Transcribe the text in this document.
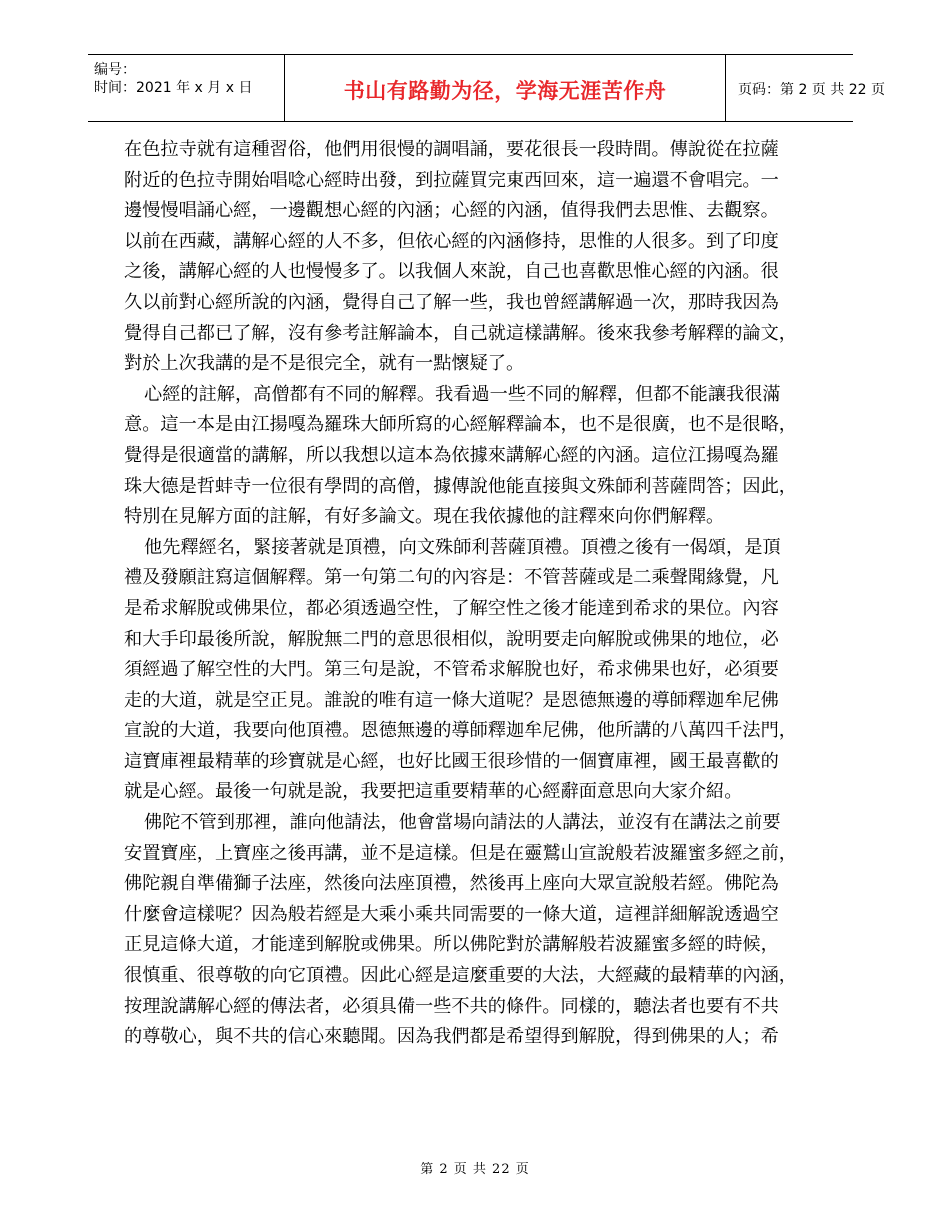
编号：
时间：2021 年 x 月 x 日	书山有路勤为径，学海无涯苦作舟	页码：第 2 页 共 22 页
在色拉寺就有這種習俗，他們用很慢的調唱誦，要花很長一段時間。傳說從在拉薩
附近的色拉寺開始唱唸心經時出發，到拉薩買完東西回來，這一遍還不會唱完。一
邊慢慢唱誦心經，一邊觀想心經的內涵；心經的內涵，值得我們去思惟、去觀察。
以前在西藏，講解心經的人不多，但依心經的內涵修持，思惟的人很多。到了印度
之後，講解心經的人也慢慢多了。以我個人來說，自己也喜歡思惟心經的內涵。很
久以前對心經所說的內涵，覺得自己了解一些，我也曾經講解過一次，那時我因為
覺得自己都已了解，沒有參考註解論本，自己就這樣講解。後來我參考解釋的論文，
對於上次我講的是不是很完全，就有一點懷疑了。
心經的註解，高僧都有不同的解釋。我看過一些不同的解釋，但都不能讓我很滿
意。這一本是由江揚嘎為羅珠大師所寫的心經解釋論本，也不是很廣，也不是很略，
覺得是很適當的講解，所以我想以這本為依據來講解心經的內涵。這位江揚嘎為羅
珠大德是哲蚌寺一位很有學問的高僧，據傳說他能直接與文殊師利菩薩問答；因此，
特別在見解方面的註解，有好多論文。現在我依據他的註釋來向你們解釋。
他先釋經名，緊接著就是頂禮，向文殊師利菩薩頂禮。頂禮之後有一偈頌，是頂
禮及發願註寫這個解釋。第一句第二句的內容是：不管菩薩或是二乘聲聞緣覺，凡
是希求解脫或佛果位，都必須透過空性，了解空性之後才能達到希求的果位。內容
和大手印最後所說，解脫無二門的意思很相似，說明要走向解脫或佛果的地位，必
須經過了解空性的大門。第三句是說，不管希求解脫也好，希求佛果也好，必須要
走的大道，就是空正見。誰說的唯有這一條大道呢？是恩德無邊的導師釋迦牟尼佛
宣說的大道，我要向他頂禮。恩德無邊的導師釋迦牟尼佛，他所講的八萬四千法門，
這寶庫裡最精華的珍寶就是心經，也好比國王很珍惜的一個寶庫裡，國王最喜歡的
就是心經。最後一句就是說，我要把這重要精華的心經辭面意思向大家介紹。
佛陀不管到那裡，誰向他請法，他會當場向請法的人講法，並沒有在講法之前要
安置寶座，上寶座之後再講，並不是這樣。但是在靈鷲山宣說般若波羅蜜多經之前，
佛陀親自準備獅子法座，然後向法座頂禮，然後再上座向大眾宣說般若經。佛陀為
什麼會這樣呢？因為般若經是大乘小乘共同需要的一條大道，這裡詳細解說透過空
正見這條大道，才能達到解脫或佛果。所以佛陀對於講解般若波羅蜜多經的時候，
很慎重、很尊敬的向它頂禮。因此心經是這麼重要的大法，大經藏的最精華的內涵，
按理說講解心經的傳法者，必須具備一些不共的條件。同樣的，聽法者也要有不共
的尊敬心，與不共的信心來聽聞。因為我們都是希望得到解脫，得到佛果的人；希
第 2 页 共 22 页
